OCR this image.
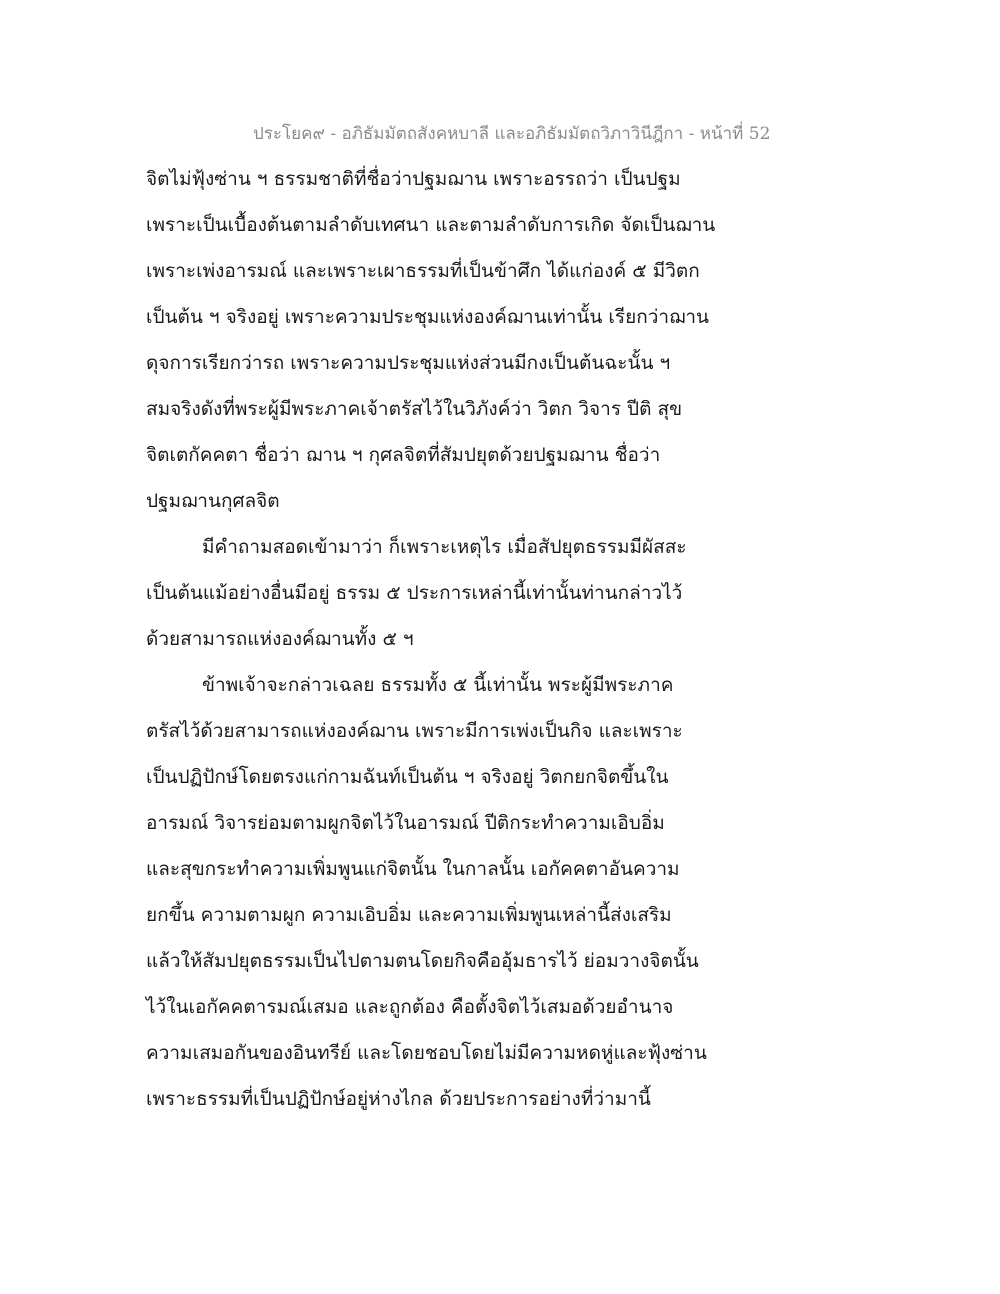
ประโยค๙ - อภิธัมมัตถสังคหบาลี และอภิธัมมัตถวิภาวินีฎีกา - หน้าที่ 52
จิตไม่ฟุ้งซ่าน ฯ ธรรมชาติที่ชื่อว่าปฐมฌาน เพราะอรรถว่า เป็นปฐม
เพราะเป็นเบื้องต้นตามลำดับเทศนา และตามลำดับการเกิด จัดเป็นฌาน
เพราะเพ่งอารมณ์ และเพราะเผาธรรมที่เป็นข้าศึก ได้แก่องค์ ๕ มีวิตก
เป็นต้น ฯ จริงอยู่ เพราะความประชุมแห่งองค์ฌานเท่านั้น เรียกว่าฌาน
ดุจการเรียกว่ารถ เพราะความประชุมแห่งส่วนมีกงเป็นต้นฉะนั้น ฯ
สมจริงดังที่พระผู้มีพระภาคเจ้าตรัสไว้ในวิภังค์ว่า วิตก วิจาร ปีติ สุข
จิตเตกัคคตา ชื่อว่า ฌาน ฯ กุศลจิตที่สัมปยุตด้วยปฐมฌาน ชื่อว่า
ปฐมฌานกุศลจิต
มีคำถามสอดเข้ามาว่า ก็เพราะเหตุไร เมื่อสัปยุตธรรมมีผัสสะ
เป็นต้นแม้อย่างอื่นมีอยู่ ธรรม ๕ ประการเหล่านี้เท่านั้นท่านกล่าวไว้
ด้วยสามารถแห่งองค์ฌานทั้ง ๕ ฯ
ข้าพเจ้าจะกล่าวเฉลย ธรรมทั้ง ๕ นี้เท่านั้น พระผู้มีพระภาค
ตรัสไว้ด้วยสามารถแห่งองค์ฌาน เพราะมีการเพ่งเป็นกิจ และเพราะ
เป็นปฏิปักษ์โดยตรงแก่กามฉันท์เป็นต้น ฯ จริงอยู่ วิตกยกจิตขึ้นใน
อารมณ์ วิจารย่อมตามผูกจิตไว้ในอารมณ์ ปีติกระทำความเอิบอิ่ม
และสุขกระทำความเพิ่มพูนแก่จิตนั้น ในกาลนั้น เอกัคคตาอันความ
ยกขึ้น ความตามผูก ความเอิบอิ่ม และความเพิ่มพูนเหล่านี้ส่งเสริม
แล้วให้สัมปยุตธรรมเป็นไปตามตนโดยกิจคืออุ้มธารไว้ ย่อมวางจิตนั้น
ไว้ในเอกัคคตารมณ์เสมอ และถูกต้อง คือตั้งจิตไว้เสมอด้วยอำนาจ
ความเสมอกันของอินทรีย์ และโดยชอบโดยไม่มีความหดหู่และฟุ้งซ่าน
เพราะธรรมที่เป็นปฏิปักษ์อยู่ห่างไกล ด้วยประการอย่างที่ว่ามานี้
